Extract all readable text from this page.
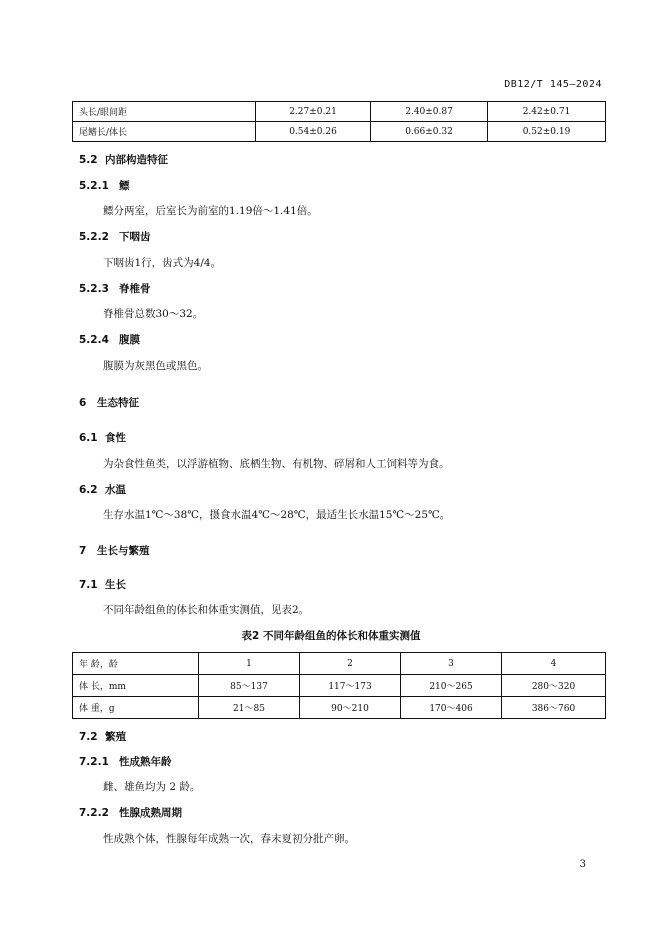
DB12/T 145—2024
头长/眼间距	2.27±0.21	2.40±0.87	2.42±0.71
尾鳍长/体长	0.54±0.26	0.66±0.32	0.52±0.19
5.2 内部构造特征
5.2.1 鳔
鳔分两室，后室长为前室的1.19倍～1.41倍。
5.2.2 下咽齿
下咽齿1行，齿式为4/4。
5.2.3 脊椎骨
脊椎骨总数30～32。
5.2.4 腹膜
腹膜为灰黑色或黑色。
6 生态特征
6.1 食性
为杂食性鱼类，以浮游植物、底栖生物、有机物、碎屑和人工饲料等为食。
6.2 水温
生存水温1℃～38℃，摄食水温4℃～28℃，最适生长水温15℃～25℃。
7 生长与繁殖
7.1 生长
不同年龄组鱼的体长和体重实测值，见表2。
表2 不同年龄组鱼的体长和体重实测值
年 龄，龄	1	2	3	4
体 长，mm	85～137	117～173	210～265	280～320
体 重，g	21～85	90～210	170～406	386～760
7.2 繁殖
7.2.1 性成熟年龄
雌、雄鱼均为 2 龄。
7.2.2 性腺成熟周期
性成熟个体，性腺每年成熟一次，春末夏初分批产卵。
3
